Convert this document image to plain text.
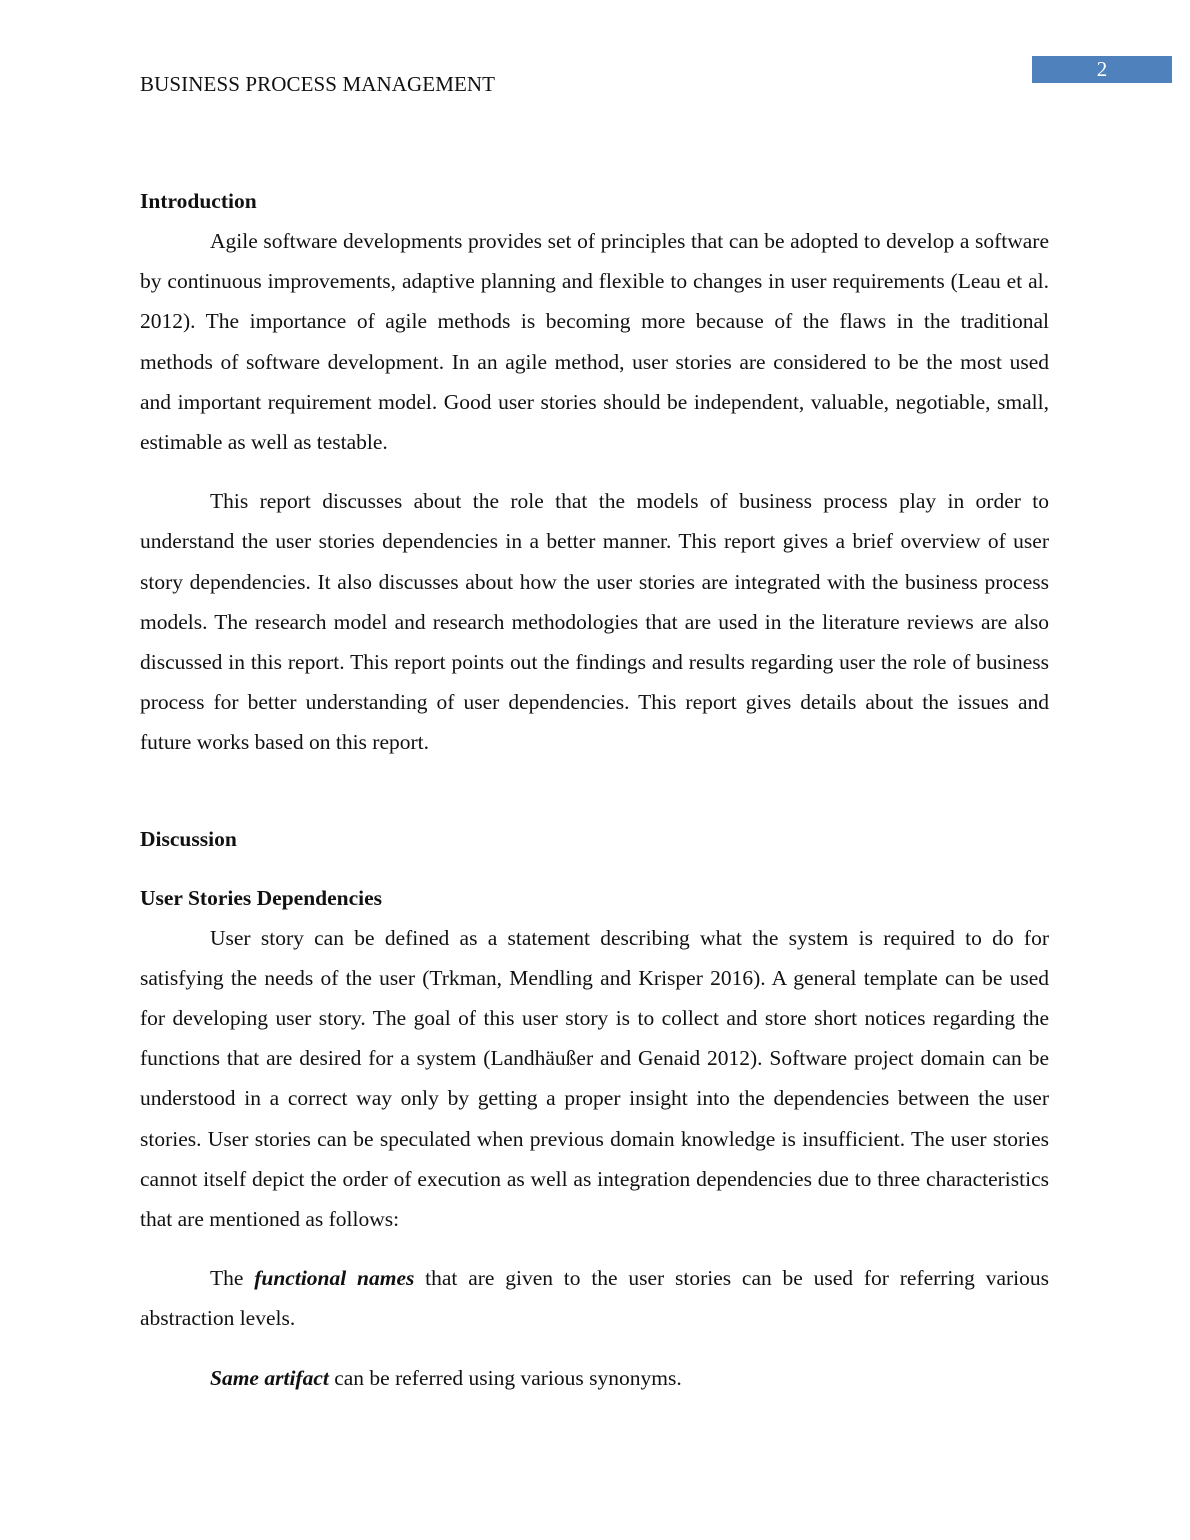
2
BUSINESS PROCESS MANAGEMENT

Introduction

Agile software developments provides set of principles that can be adopted to develop a software by continuous improvements, adaptive planning and flexible to changes in user requirements (Leau et al. 2012). The importance of agile methods is becoming more because of the flaws in the traditional methods of software development. In an agile method, user stories are considered to be the most used and important requirement model. Good user stories should be independent, valuable, negotiable, small, estimable as well as testable.

This report discusses about the role that the models of business process play in order to understand the user stories dependencies in a better manner. This report gives a brief overview of user story dependencies. It also discusses about how the user stories are integrated with the business process models. The research model and research methodologies that are used in the literature reviews are also discussed in this report. This report points out the findings and results regarding user the role of business process for better understanding of user dependencies. This report gives details about the issues and future works based on this report.

Discussion

User Stories Dependencies

User story can be defined as a statement describing what the system is required to do for satisfying the needs of the user (Trkman, Mendling and Krisper 2016). A general template can be used for developing user story. The goal of this user story is to collect and store short notices regarding the functions that are desired for a system (Landhäußer and Genaid 2012). Software project domain can be understood in a correct way only by getting a proper insight into the dependencies between the user stories. User stories can be speculated when previous domain knowledge is insufficient. The user stories cannot itself depict the order of execution as well as integration dependencies due to three characteristics that are mentioned as follows:

The functional names that are given to the user stories can be used for referring various abstraction levels.

Same artifact can be referred using various synonyms.
